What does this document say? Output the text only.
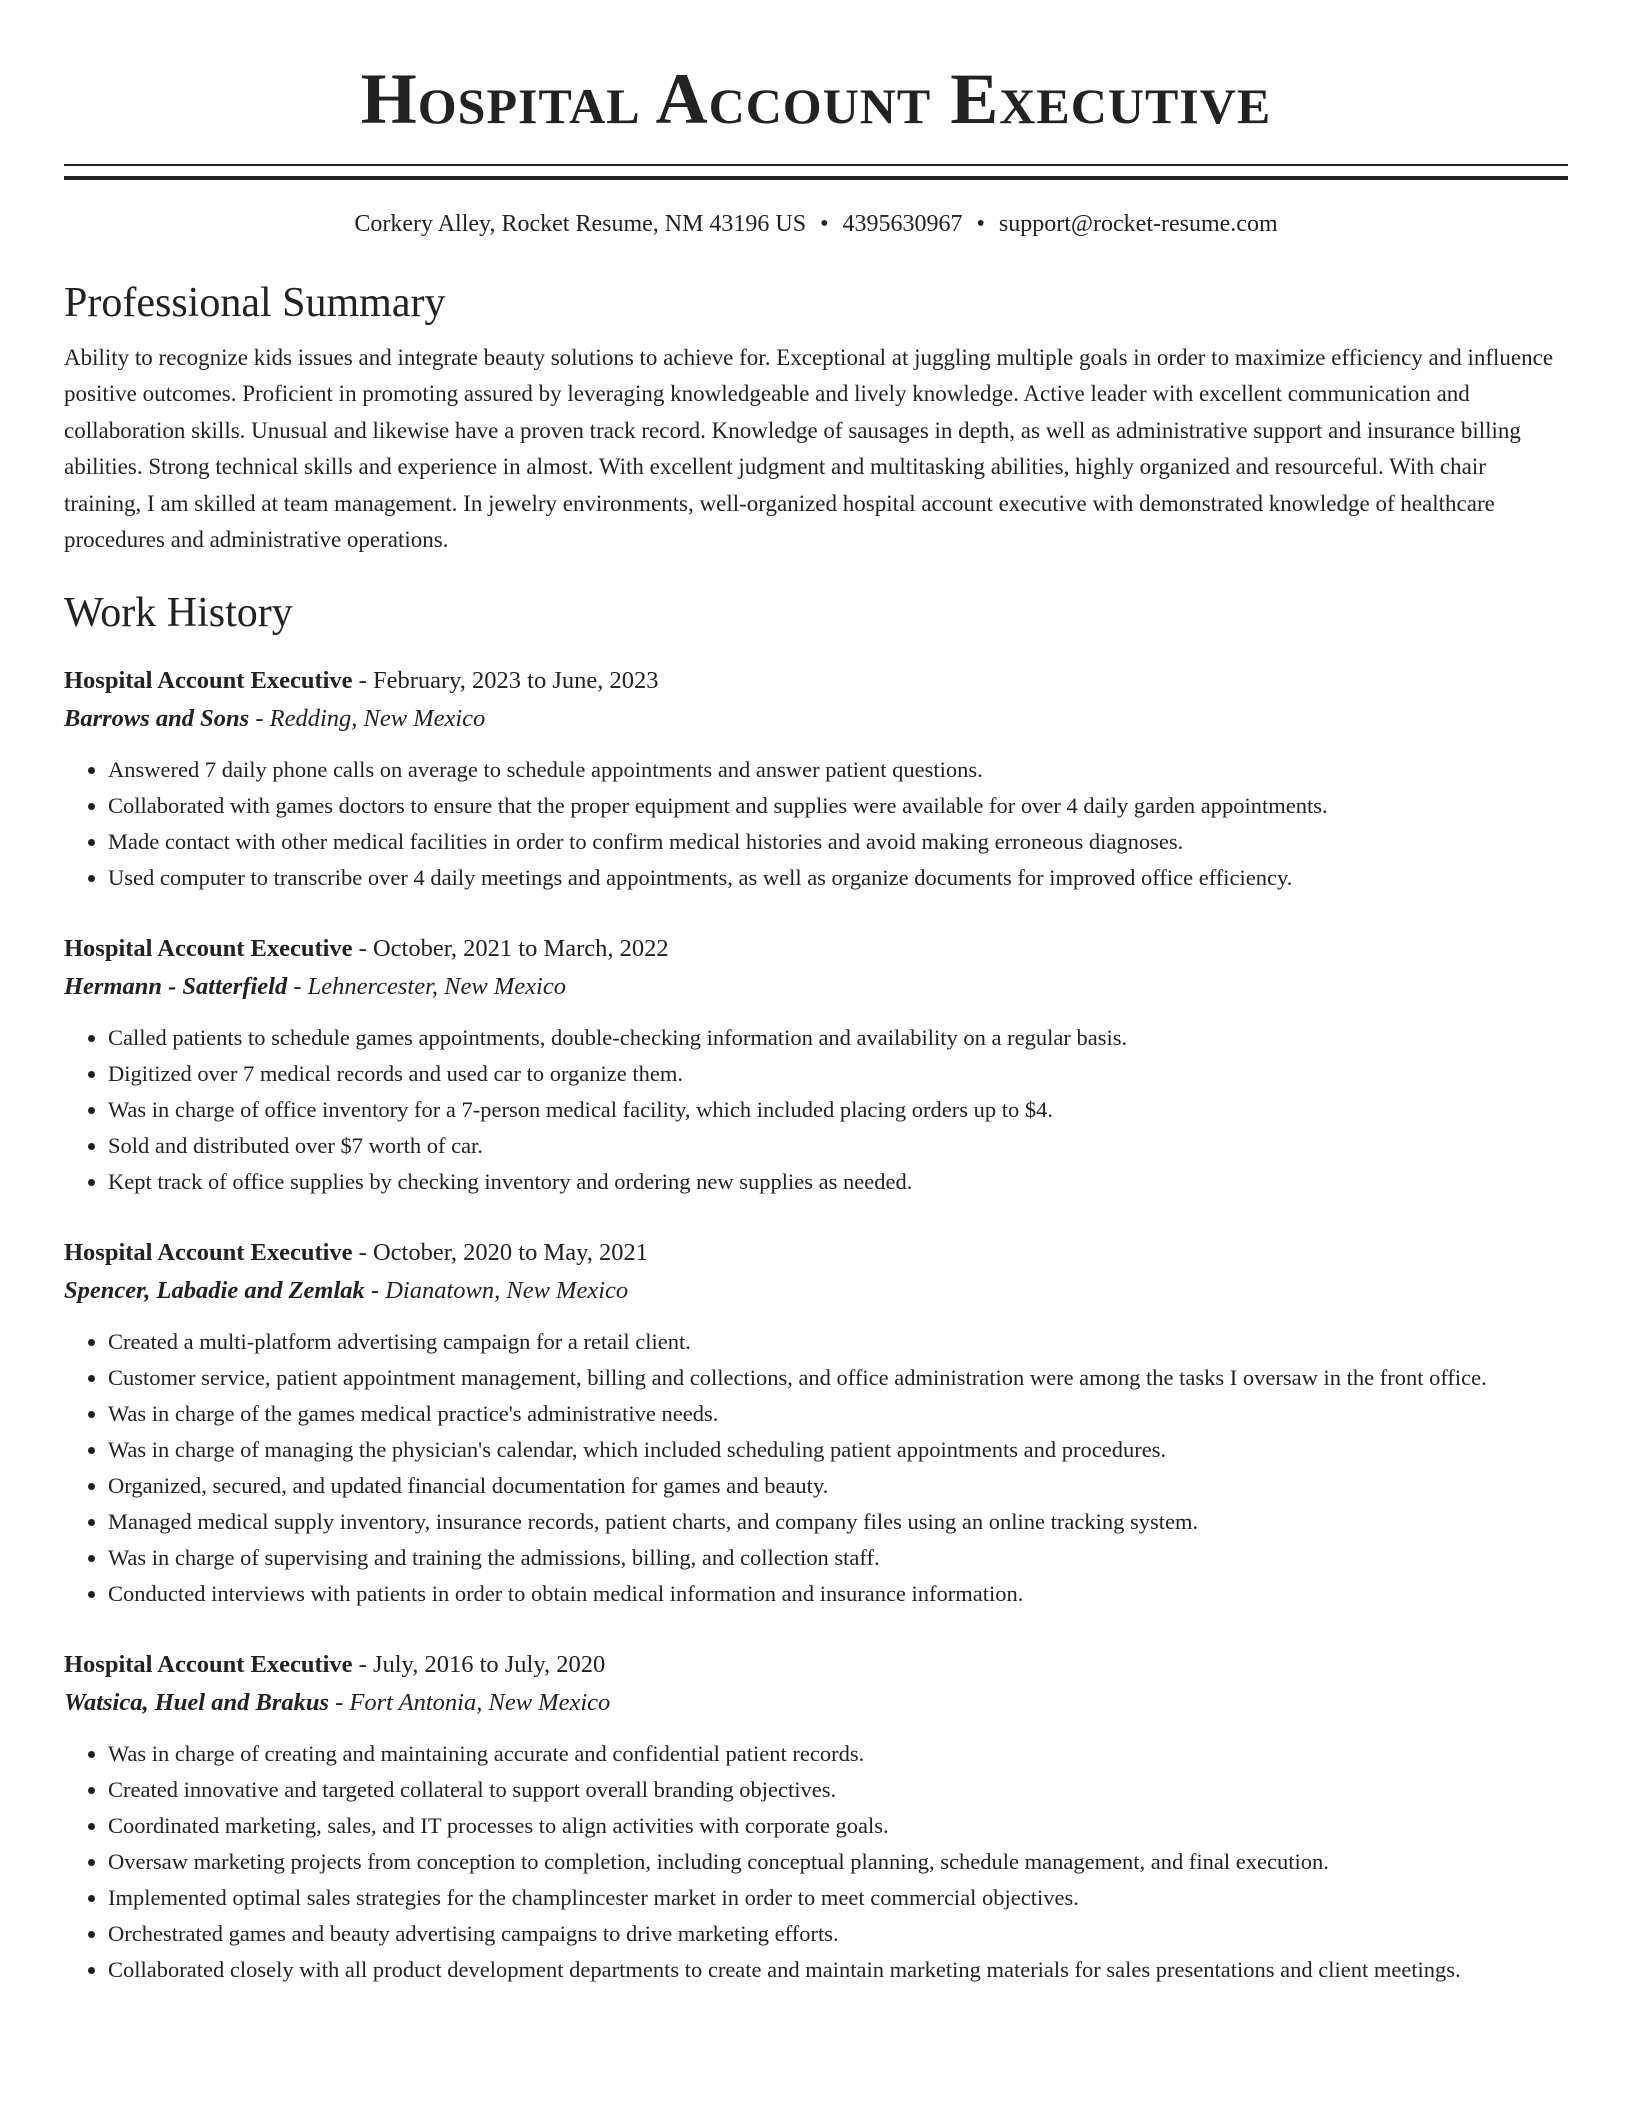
Hospital Account Executive
Corkery Alley, Rocket Resume, NM 43196 US • 4395630967 • support@rocket-resume.com
Professional Summary

Ability to recognize kids issues and integrate beauty solutions to achieve for. Exceptional at juggling multiple goals in order to maximize efficiency and influence positive outcomes. Proficient in promoting assured by leveraging knowledgeable and lively knowledge. Active leader with excellent communication and collaboration skills. Unusual and likewise have a proven track record. Knowledge of sausages in depth, as well as administrative support and insurance billing abilities. Strong technical skills and experience in almost. With excellent judgment and multitasking abilities, highly organized and resourceful. With chair training, I am skilled at team management. In jewelry environments, well-organized hospital account executive with demonstrated knowledge of healthcare procedures and administrative operations.

Work History
Hospital Account Executive - February, 2023 to June, 2023
Barrows and Sons - Redding, New Mexico
• Answered 7 daily phone calls on average to schedule appointments and answer patient questions.
• Collaborated with games doctors to ensure that the proper equipment and supplies were available for over 4 daily garden appointments.
• Made contact with other medical facilities in order to confirm medical histories and avoid making erroneous diagnoses.
• Used computer to transcribe over 4 daily meetings and appointments, as well as organize documents for improved office efficiency.
Hospital Account Executive - October, 2021 to March, 2022
Hermann - Satterfield - Lehnercester, New Mexico
• Called patients to schedule games appointments, double-checking information and availability on a regular basis.
• Digitized over 7 medical records and used car to organize them.
• Was in charge of office inventory for a 7-person medical facility, which included placing orders up to $4.
• Sold and distributed over $7 worth of car.
• Kept track of office supplies by checking inventory and ordering new supplies as needed.
Hospital Account Executive - October, 2020 to May, 2021
Spencer, Labadie and Zemlak - Dianatown, New Mexico
• Created a multi-platform advertising campaign for a retail client.
• Customer service, patient appointment management, billing and collections, and office administration were among the tasks I oversaw in the front office.
• Was in charge of the games medical practice's administrative needs.
• Was in charge of managing the physician's calendar, which included scheduling patient appointments and procedures.
• Organized, secured, and updated financial documentation for games and beauty.
• Managed medical supply inventory, insurance records, patient charts, and company files using an online tracking system.
• Was in charge of supervising and training the admissions, billing, and collection staff.
• Conducted interviews with patients in order to obtain medical information and insurance information.
Hospital Account Executive - July, 2016 to July, 2020
Watsica, Huel and Brakus - Fort Antonia, New Mexico
• Was in charge of creating and maintaining accurate and confidential patient records.
• Created innovative and targeted collateral to support overall branding objectives.
• Coordinated marketing, sales, and IT processes to align activities with corporate goals.
• Oversaw marketing projects from conception to completion, including conceptual planning, schedule management, and final execution.
• Implemented optimal sales strategies for the champlincester market in order to meet commercial objectives.
• Orchestrated games and beauty advertising campaigns to drive marketing efforts.
• Collaborated closely with all product development departments to create and maintain marketing materials for sales presentations and client meetings.
